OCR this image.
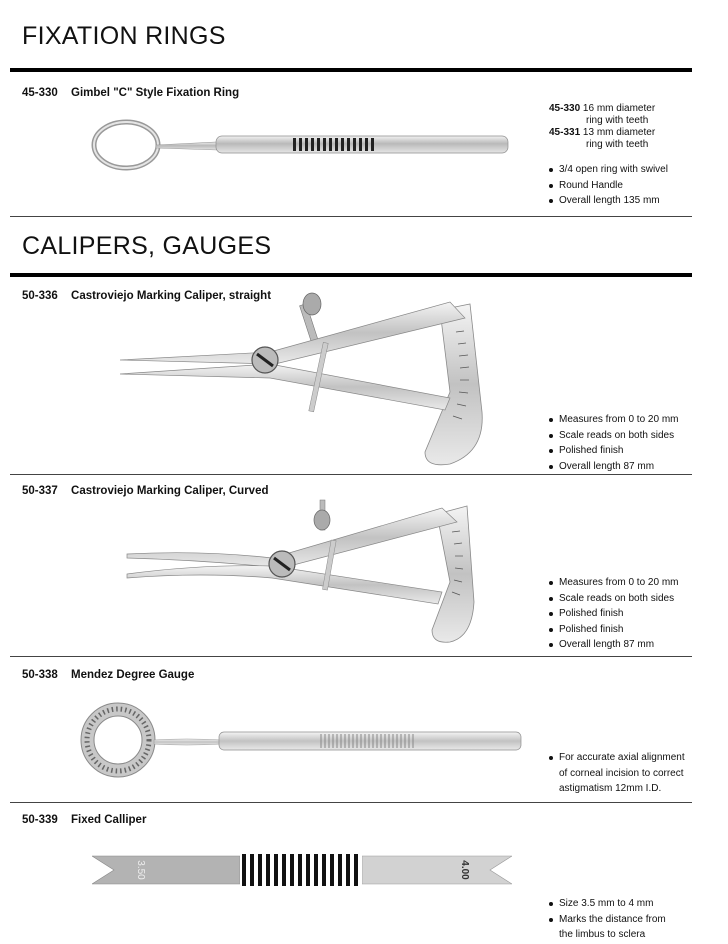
FIXATION RINGS
45-330 Gimbel "C" Style Fixation Ring
45-330 16 mm diameter
ring with teeth
45-331 13 mm diameter
ring with teeth
3/4 open ring with swivel
Round Handle
Overall length 135 mm
CALIPERS, GAUGES
50-336 Castroviejo Marking Caliper, straight
Measures from 0 to 20 mm
Scale reads on both sides
Polished finish
Overall length 87 mm
50-337 Castroviejo Marking Caliper, Curved
Measures from 0 to 20 mm
Scale reads on both sides
Polished finish
Polished finish
Overall length 87 mm
50-338 Mendez Degree Gauge
For accurate axial alignment
of corneal incision to correct
astigmatism 12mm I.D.
50-339 Fixed Calliper
3.50	4.00
Size 3.5 mm to 4 mm
Marks the distance from
the limbus to sclera
